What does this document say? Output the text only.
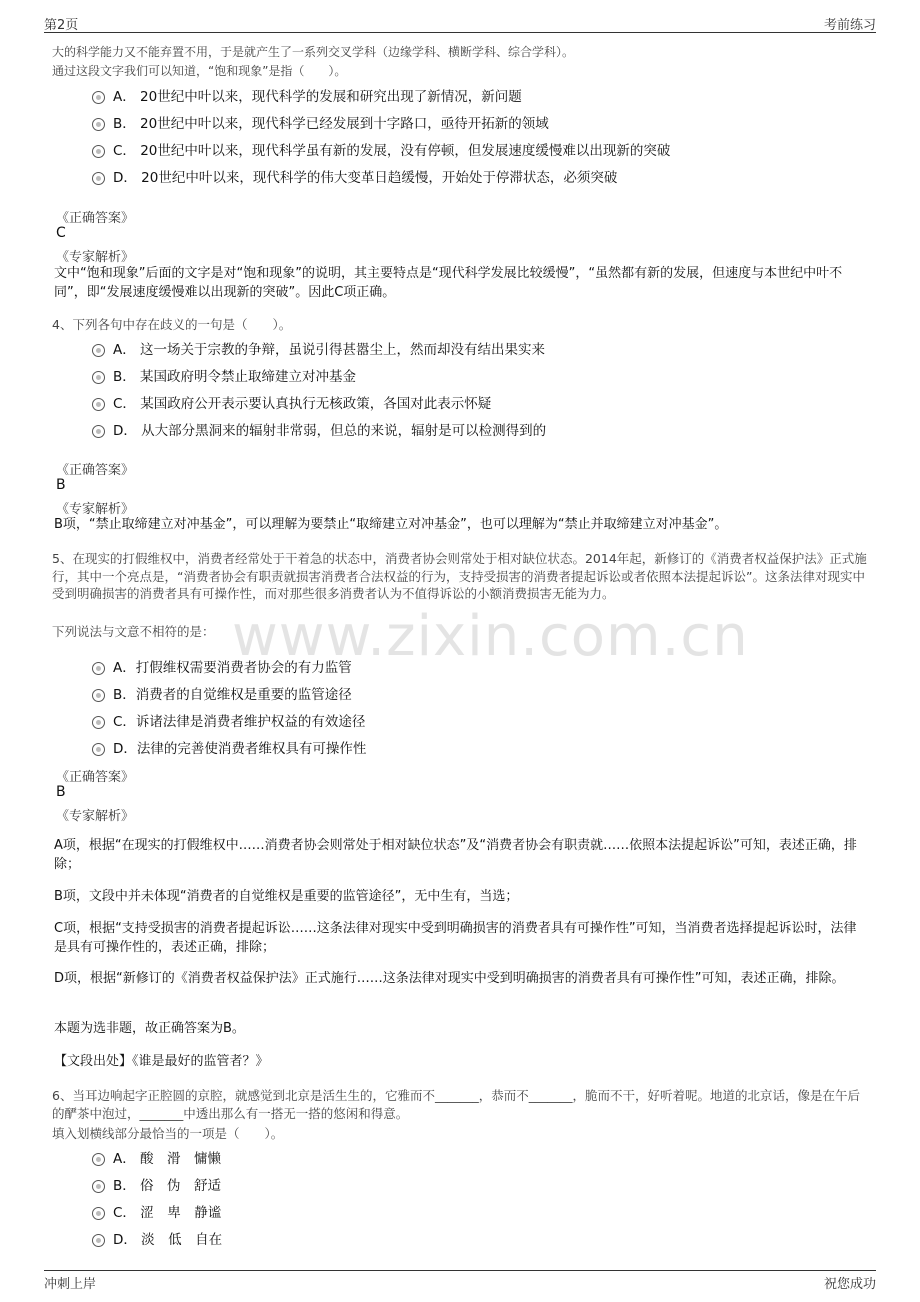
第2页	考前练习
www.zixin.com.cn
大的科学能力又不能弃置不用，于是就产生了一系列交叉学科（边缘学科、横断学科、综合学科）。
通过这段文字我们可以知道，“饱和现象”是指（　　）。
A． 20世纪中叶以来，现代科学的发展和研究出现了新情况，新问题
B． 20世纪中叶以来，现代科学已经发展到十字路口，亟待开拓新的领域
C． 20世纪中叶以来，现代科学虽有新的发展，没有停顿，但发展速度缓慢难以出现新的突破
D． 20世纪中叶以来，现代科学的伟大变革日趋缓慢，开始处于停滞状态，必须突破
《正确答案》
C
《专家解析》
文中“饱和现象”后面的文字是对“饱和现象”的说明，其主要特点是“现代科学发展比较缓慢”，“虽然都有新的发展，但速度与本世纪中叶不同”，即“发展速度缓慢难以出现新的突破”。因此C项正确。
4、下列各句中存在歧义的一句是（　　）。
A． 这一场关于宗教的争辩，虽说引得甚嚣尘上，然而却没有结出果实来
B． 某国政府明令禁止取缔建立对冲基金
C． 某国政府公开表示要认真执行无核政策，各国对此表示怀疑
D． 从大部分黑洞来的辐射非常弱，但总的来说，辐射是可以检测得到的
《正确答案》
B
《专家解析》
B项，“禁止取缔建立对冲基金”，可以理解为要禁止“取缔建立对冲基金”，也可以理解为“禁止并取缔建立对冲基金”。
5、在现实的打假维权中，消费者经常处于干着急的状态中，消费者协会则常处于相对缺位状态。2014年起，新修订的《消费者权益保护法》正式施行，其中一个亮点是，“消费者协会有职责就损害消费者合法权益的行为，支持受损害的消费者提起诉讼或者依照本法提起诉讼”。这条法律对现实中受到明确损害的消费者具有可操作性，而对那些很多消费者认为不值得诉讼的小额消费损害无能为力。
下列说法与文意不相符的是：
A．打假维权需要消费者协会的有力监管
B．消费者的自觉维权是重要的监管途径
C．诉诸法律是消费者维护权益的有效途径
D．法律的完善使消费者维权具有可操作性
《正确答案》
B
《专家解析》
A项，根据“在现实的打假维权中……消费者协会则常处于相对缺位状态”及“消费者协会有职责就……依照本法提起诉讼”可知，表述正确，排除；
B项，文段中并未体现“消费者的自觉维权是重要的监管途径”，无中生有，当选；
C项，根据“支持受损害的消费者提起诉讼……这条法律对现实中受到明确损害的消费者具有可操作性”可知，当消费者选择提起诉讼时，法律是具有可操作性的，表述正确，排除；
D项，根据“新修订的《消费者权益保护法》正式施行……这条法律对现实中受到明确损害的消费者具有可操作性”可知，表述正确，排除。
本题为选非题，故正确答案为B。
【文段出处】《谁是最好的监管者？》
6、当耳边响起字正腔圆的京腔，就感觉到北京是活生生的，它雅而不_______，恭而不_______，脆而不干，好听着呢。地道的北京话，像是在午后的酽茶中泡过，_______中透出那么有一搭无一搭的悠闲和得意。
填入划横线部分最恰当的一项是（　　）。
A． 酸　滑　慵懒
B． 俗　伪　舒适
C． 涩　卑　静谧
D． 淡　低　自在
冲刺上岸	祝您成功
